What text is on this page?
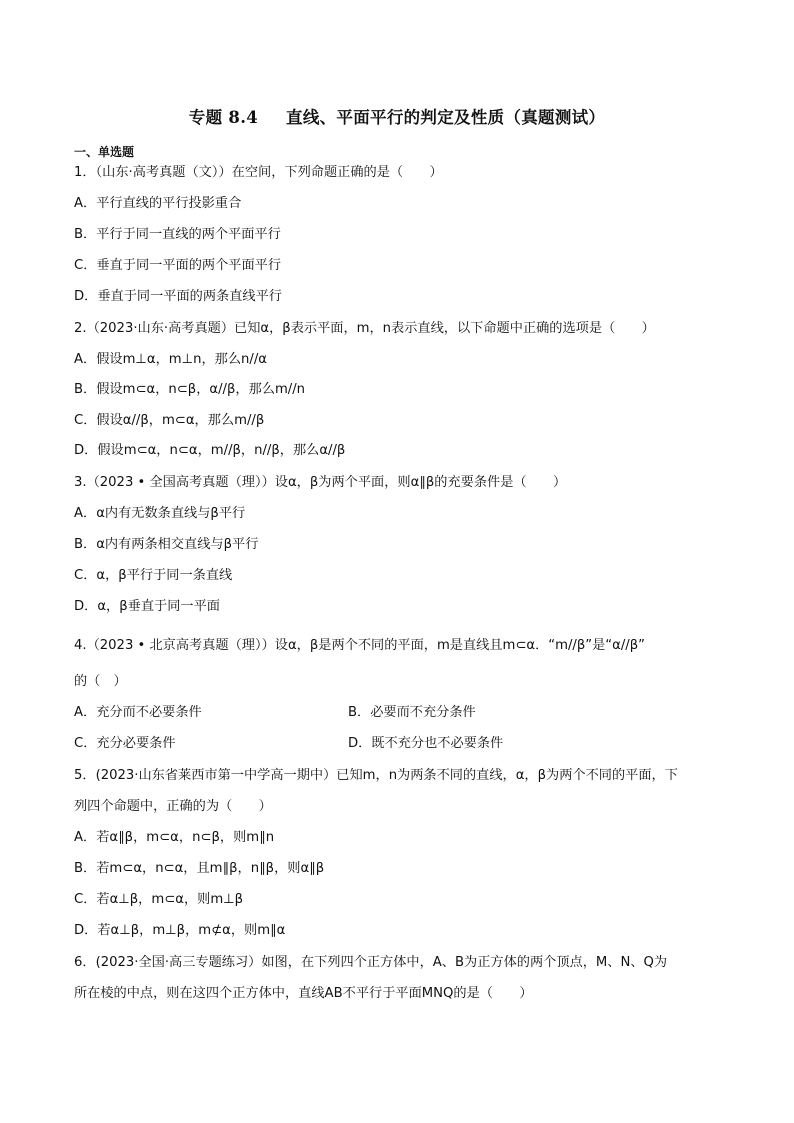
专题 8.4 直线、平面平行的判定及性质（真题测试）
一、单选题
1．（山东·高考真题（文））在空间，下列命题正确的是（　　）
A．平行直线的平行投影重合
B．平行于同一直线的两个平面平行
C．垂直于同一平面的两个平面平行
D．垂直于同一平面的两条直线平行
2.（2023·山东·高考真题）已知α，β表示平面，m，n表示直线，以下命题中正确的选项是（　　）
A．假设m⊥α，m⊥n，那么n//α
B．假设m⊂α，n⊂β，α//β，那么m//n
C．假设α//β，m⊂α，那么m//β
D．假设m⊂α，n⊂α，m//β，n//β，那么α//β
3.（2023 • 全国高考真题（理））设α，β为两个平面，则α∥β的充要条件是（　　）
A．α内有无数条直线与β平行
B．α内有两条相交直线与β平行
C．α，β平行于同一条直线
D．α，β垂直于同一平面
4.（2023 • 北京高考真题（理））设α，β是两个不同的平面，m是直线且m⊂α．“m//β”是“α//β”
的（　）
A．充分而不必要条件	B．必要而不充分条件
C．充分必要条件	D．既不充分也不必要条件
5．(2023·山东省莱西市第一中学高一期中）已知m，n为两条不同的直线，α，β为两个不同的平面，下
列四个命题中，正确的为（　　）
A．若α∥β，m⊂α，n⊂β，则m∥n
B．若m⊂α，n⊂α，且m∥β，n∥β，则α∥β
C．若α⊥β，m⊂α，则m⊥β
D．若α⊥β，m⊥β，m⊄α，则m∥α
6．(2023·全国·高三专题练习）如图，在下列四个正方体中，A、B为正方体的两个顶点，M、N、Q为
所在棱的中点，则在这四个正方体中，直线AB不平行于平面MNQ的是（　　）
